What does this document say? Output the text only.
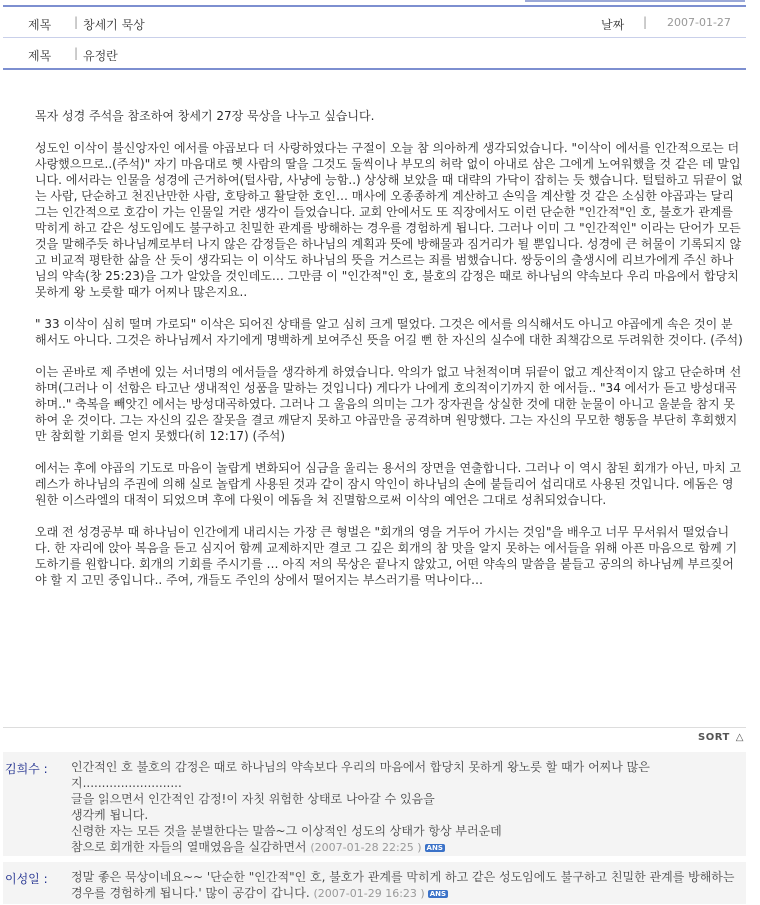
제목 | 창세기 묵상	날짜 | 2007-01-27
제목 | 유정란
목자 성경 주석을 참조하여 창세기 27장 묵상을 나누고 싶습니다.

성도인 이삭이 불신앙자인 에서를 야곱보다 더 사랑하였다는 구절이 오늘 참 의아하게 생각되었습니다. "이삭이 에서를 인간적으로는 더 사랑했으므로..(주석)" 자기 마음대로 헷 사람의 딸을 그것도 둘씩이나 부모의 허락 없이 아내로 삼은 그에게 노여워했을 것 같은 데 말입니다. 에서라는 인물을 성경에 근거하여(털사람, 사냥에 능함..) 상상해 보았을 때 대략의 가닥이 잡히는 듯 했습니다. 털털하고 뒤끝이 없는 사람, 단순하고 천진난만한 사람, 호탕하고 활달한 호인… 매사에 오종종하게 계산하고 손익을 계산할 것 같은 소심한 야곱과는 달리 그는 인간적으로 호감이 가는 인물일 거란 생각이 들었습니다. 교회 안에서도 또 직장에서도 이런 단순한 "인간적"인 호, 불호가 관계를 막히게 하고 같은 성도임에도 불구하고 친밀한 관계를 방해하는 경우를 경험하게 됩니다. 그러나 이미 그 "인간적인" 이라는 단어가 모든 것을 말해주듯 하나님께로부터 나지 않은 감정들은 하나님의 계획과 뜻에 방해물과 짐거리가 될 뿐입니다. 성경에 큰 허물이 기록되지 않고 비교적 평탄한 삶을 산 듯이 생각되는 이 이삭도 하나님의 뜻을 거스르는 죄를 범했습니다. 쌍둥이의 출생시에 리브가에게 주신 하나님의 약속(창 25:23)을 그가 알았을 것인데도… 그만큼 이 "인간적"인 호, 불호의 감정은 때로 하나님의 약속보다 우리 마음에서 합당치 못하게 왕 노릇할 때가 어찌나 많은지요..

" 33 이삭이 심히 떨며 가로되" 이삭은 되어진 상태를 알고 심히 크게 떨었다. 그것은 에서를 의식해서도 아니고 야곱에게 속은 것이 분해서도 아니다. 그것은 하나님께서 자기에게 명백하게 보여주신 뜻을 어길 뻔 한 자신의 실수에 대한 죄책감으로 두려워한 것이다. (주석)

이는 곧바로 제 주변에 있는 서너명의 에서들을 생각하게 하였습니다. 악의가 없고 낙천적이며 뒤끝이 없고 계산적이지 않고 단순하며 선하며(그러나 이 선함은 타고난 생내적인 성품을 말하는 것입니다) 게다가 나에게 호의적이기까지 한 에서들.. "34 에서가 듣고 방성대곡하며.." 축복을 빼앗긴 에서는 방성대곡하였다. 그러나 그 울음의 의미는 그가 장자권을 상실한 것에 대한 눈물이 아니고 울분을 참지 못하여 운 것이다. 그는 자신의 깊은 잘못을 결코 깨닫지 못하고 야곱만을 공격하며 원망했다. 그는 자신의 무모한 행동을 부단히 후회했지만 참회할 기회를 얻지 못했다(히 12:17) (주석)

에서는 후에 야곱의 기도로 마음이 놀랍게 변화되어 심금을 울리는 용서의 장면을 연출합니다. 그러나 이 역시 참된 회개가 아닌, 마치 고레스가 하나님의 주권에 의해 실로 놀랍게 사용된 것과 같이 잠시 악인이 하나님의 손에 붙들리어 섭리대로 사용된 것입니다. 에돔은 영원한 이스라엘의 대적이 되었으며 후에 다윗이 에돔을 쳐 진멸함으로써 이삭의 예언은 그대로 성취되었습니다.

오래 전 성경공부 때 하나님이 인간에게 내리시는 가장 큰 형벌은 "회개의 영을 거두어 가시는 것임"을 배우고 너무 무서워서 떨었습니다. 한 자리에 앉아 복음을 듣고 심지어 함께 교제하지만 결코 그 깊은 회개의 참 맛을 알지 못하는 에서들을 위해 아픈 마음으로 함께 기도하기를 원합니다. 회개의 기회를 주시기를 … 아직 저의 묵상은 끝나지 않았고, 어떤 약속의 말씀을 붙들고 공의의 하나님께 부르짖어야 할 지 고민 중입니다.. 주여, 개들도 주인의 상에서 떨어지는 부스러기를 먹나이다…
SORT △
김희수 : 인간적인 호 불호의 감정은 때로 하나님의 약속보다 우리의 마음에서 합당치 못하게 왕노릇 할 때가 어찌나 많은
지..........................
글을 읽으면서 인간적인 감정!이 자칫 위험한 상태로 나아갈 수 있음을
생각케 됩니다.
신령한 자는 모든 것을 분별한다는 말씀~그 이상적인 성도의 상태가 항상 부러운데
참으로 회개한 자들의 열매였음을 실감하면서 (2007-01-28 22:25 ) ANS
이성일 : 정말 좋은 묵상이네요~~ '단순한 "인간적"인 호, 불호가 관계를 막히게 하고 같은 성도임에도 불구하고 친밀한 관계를 방해하는 경우를 경험하게 됩니다.' 많이 공감이 갑니다. (2007-01-29 16:23 ) ANS
